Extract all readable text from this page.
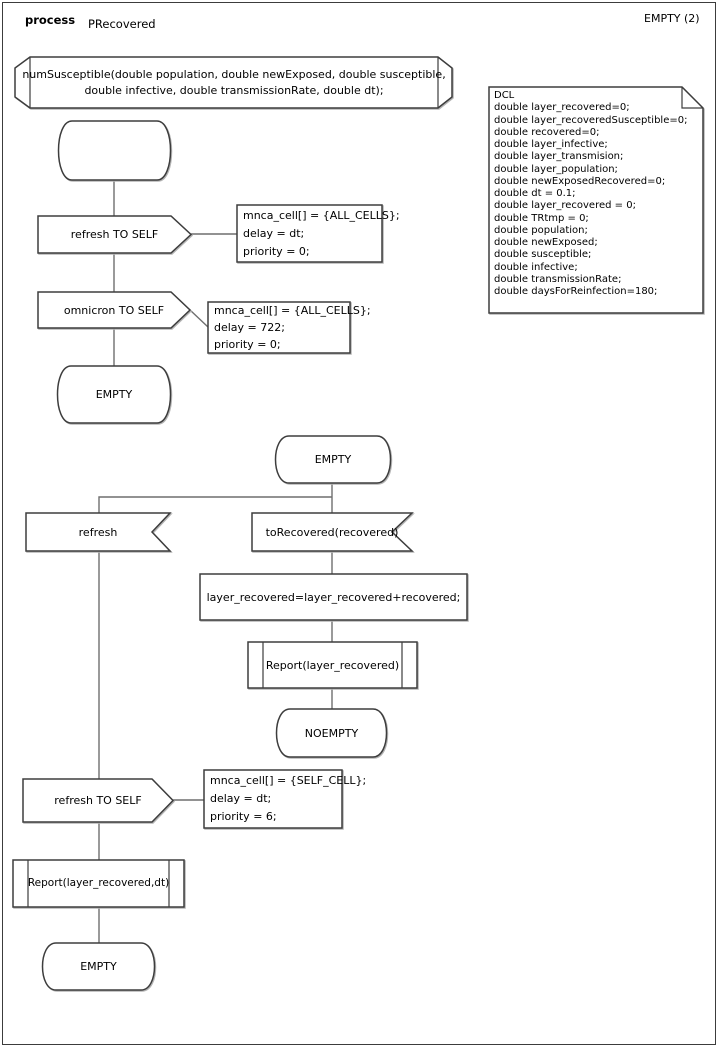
process PRecovered	EMPTY (2)
numSusceptible(double population, double newExposed, double susceptible,
double infective, double transmissionRate, double dt);	DCL
double layer_recovered=0;
double layer_recoveredSusceptible=0;
double recovered=0;
double layer_infective;
double layer_transmision;
double layer_population;
double newExposedRecovered=0;
double dt = 0.1;
double layer_recovered = 0;
double TRtmp = 0;
double population;
double newExposed;
double susceptible;
double infective;
double transmissionRate;
double daysForReinfection=180;
refresh TO SELF
omnicron TO SELF
EMPTY
EMPTY
refresh	toRecovered(recovered)
layer_recovered=layer_recovered+recovered;
Report(layer_recovered)
NOEMPTY
refresh TO SELF
Report(layer_recovered,dt)
EMPTY
mnca_cell[] = {ALL_CELLS};
delay = dt;
priority = 0;
mnca_cell[] = {ALL_CELLS};
delay = 722;
priority = 0;
mnca_cell[] = {SELF_CELL};
delay = dt;
priority = 6;
